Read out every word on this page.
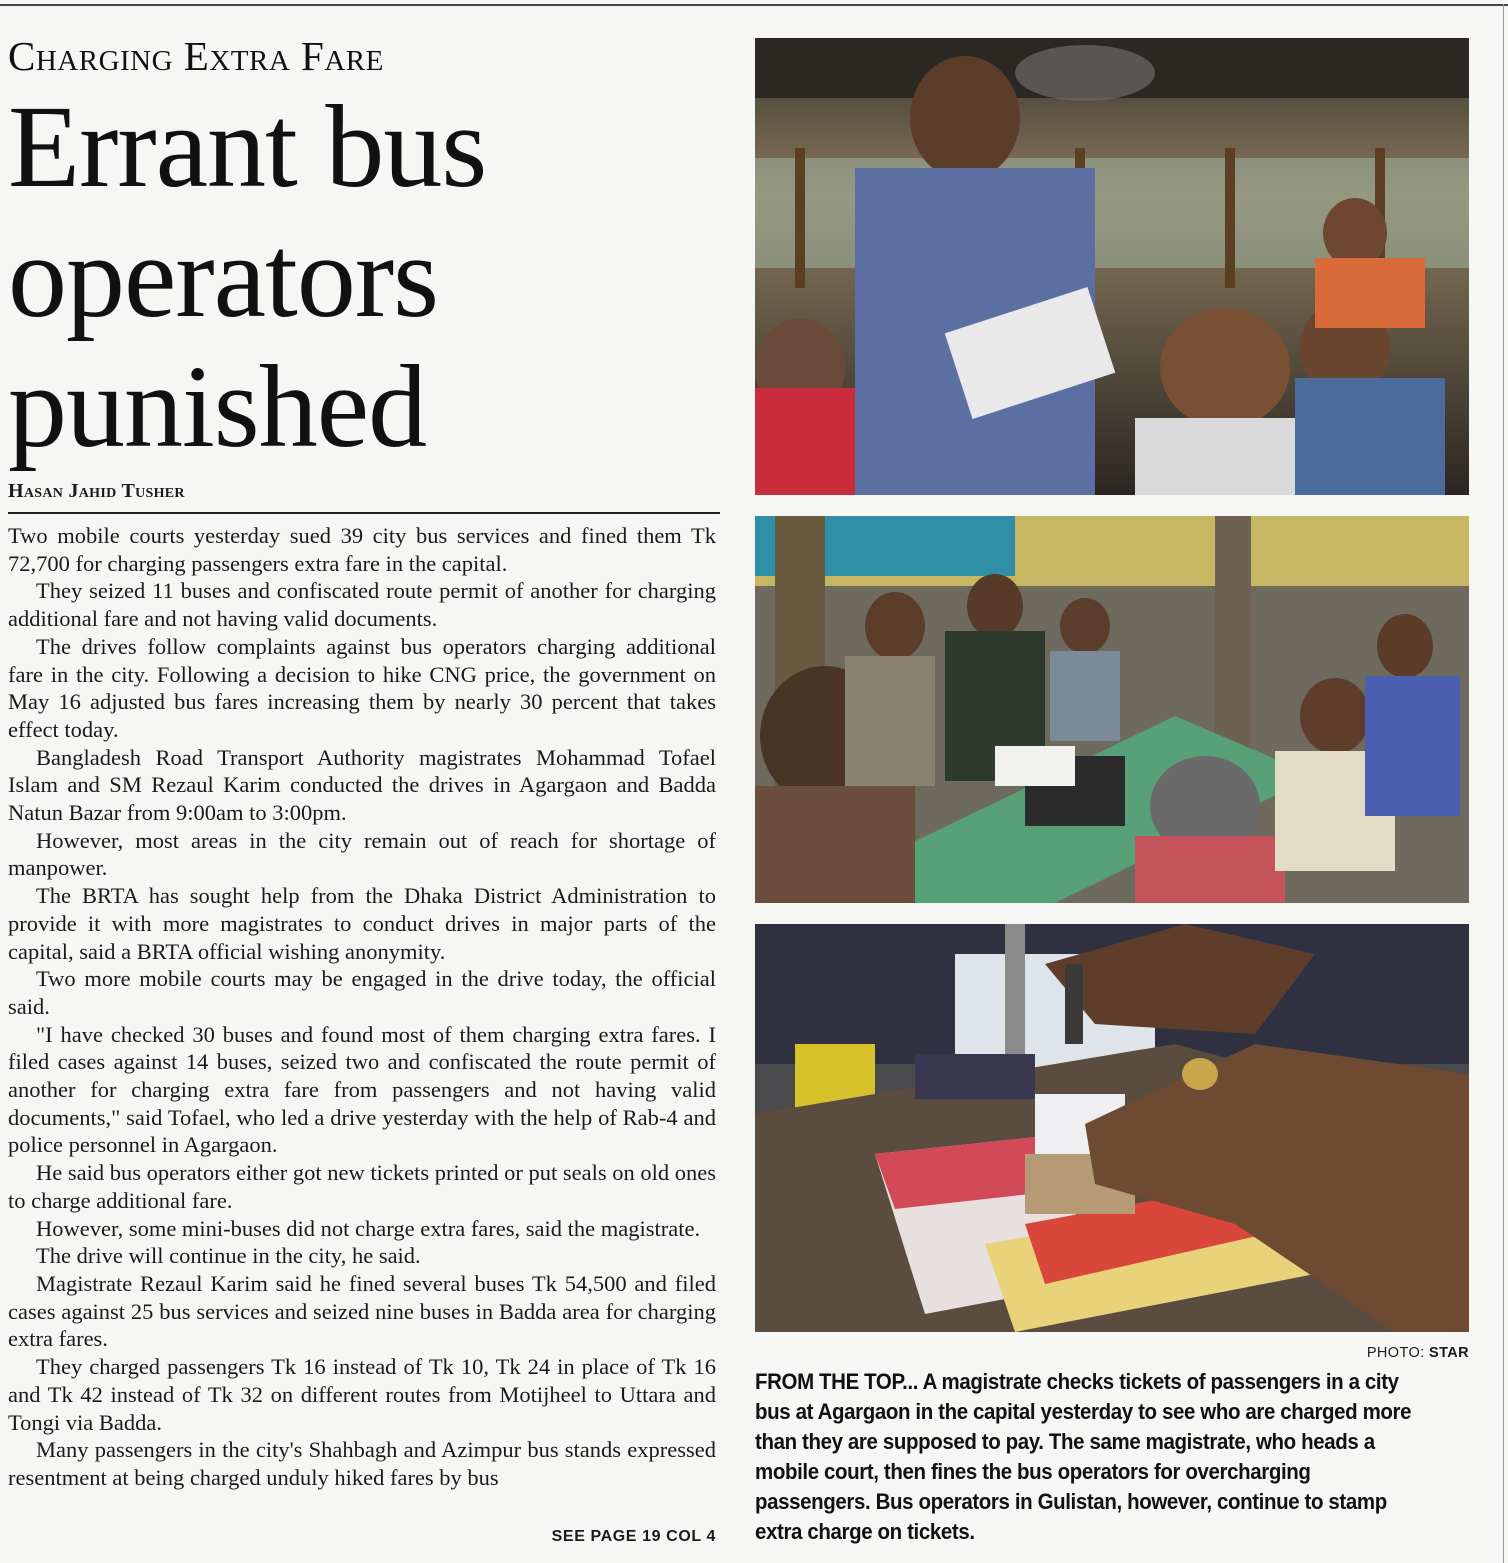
Charging Extra Fare
Errant bus
operators
punished
Hasan Jahid Tusher

Two mobile courts yesterday sued 39 city bus services and fined them Tk 72,700 for charging passengers extra fare in the capital.

They seized 11 buses and confiscated route permit of another for charging additional fare and not having valid documents.

The drives follow complaints against bus operators charging additional fare in the city. Following a decision to hike CNG price, the government on May 16 adjusted bus fares increasing them by nearly 30 percent that takes effect today.

Bangladesh Road Transport Authority magistrates Mohammad Tofael Islam and SM Rezaul Karim conducted the drives in Agargaon and Badda Natun Bazar from 9:00am to 3:00pm.

However, most areas in the city remain out of reach for shortage of manpower.

The BRTA has sought help from the Dhaka District Administration to provide it with more magistrates to conduct drives in major parts of the capital, said a BRTA official wishing anonymity.

Two more mobile courts may be engaged in the drive today, the official said.

"I have checked 30 buses and found most of them charging extra fares. I filed cases against 14 buses, seized two and confiscated the route permit of another for charging extra fare from passengers and not having valid documents," said Tofael, who led a drive yesterday with the help of Rab-4 and police personnel in Agargaon.

He said bus operators either got new tickets printed or put seals on old ones to charge additional fare.

However, some mini-buses did not charge extra fares, said the magistrate.

The drive will continue in the city, he said.

Magistrate Rezaul Karim said he fined several buses Tk 54,500 and filed cases against 25 bus services and seized nine buses in Badda area for charging extra fares.

They charged passengers Tk 16 instead of Tk 10, Tk 24 in place of Tk 16 and Tk 42 instead of Tk 32 on different routes from Motijheel to Uttara and Tongi via Badda.

Many passengers in the city's Shahbagh and Azimpur bus stands expressed resentment at being charged unduly hiked fares by bus

SEE PAGE 19 COL 4
PHOTO: STAR
FROM THE TOP... A magistrate checks tickets of passengers in a city bus at Agargaon in the capital yesterday to see who are charged more than they are supposed to pay. The same magistrate, who heads a mobile court, then fines the bus operators for overcharging passengers. Bus operators in Gulistan, however, continue to stamp extra charge on tickets.
